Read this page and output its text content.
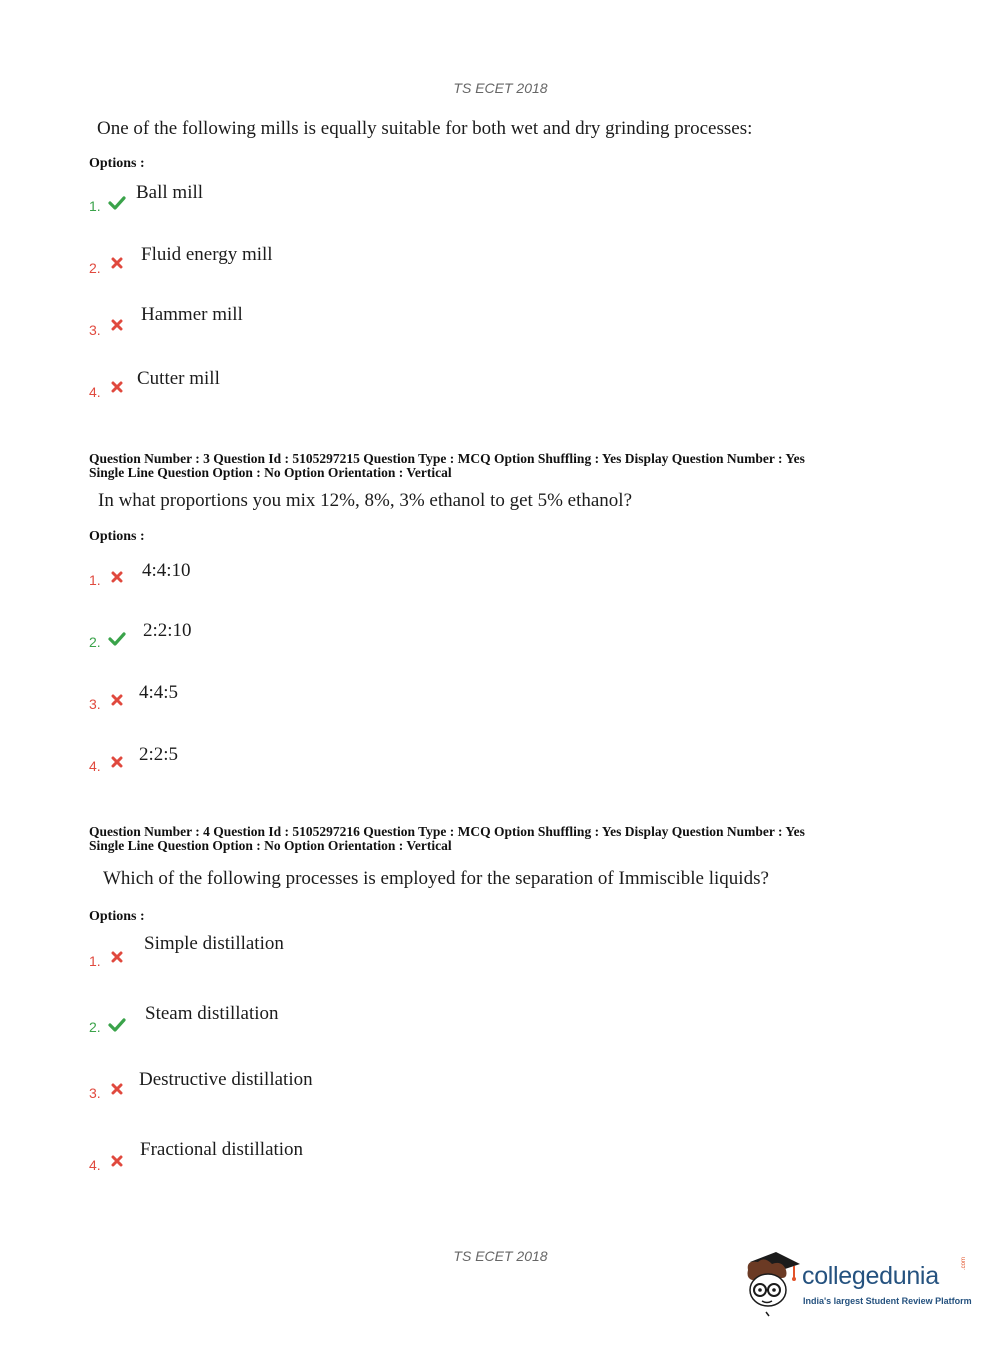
TS ECET 2018
One of the following mills is equally suitable for both wet and dry grinding processes:
Options :
1.
Ball mill
2.
Fluid energy mill
3.
Hammer mill
4.
Cutter mill
Question Number : 3 Question Id : 5105297215 Question Type : MCQ Option Shuffling : Yes Display Question Number : Yes
Single Line Question Option : No Option Orientation : Vertical
In what proportions you mix 12%, 8%, 3% ethanol to get 5% ethanol?
Options :
1. 4:4:10
2.
2:2:10
3.
4:4:5
4.
2:2:5
Question Number : 4 Question Id : 5105297216 Question Type : MCQ Option Shuffling : Yes Display Question Number : Yes
Single Line Question Option : No Option Orientation : Vertical
Which of the following processes is employed for the separation of Immiscible liquids?
Options :
1.
Simple distillation
2.
Steam distillation
3.
Destructive distillation
4.
Fractional distillation
TS ECET 2018
collegedunia	.com
India's largest Student Review Platform
